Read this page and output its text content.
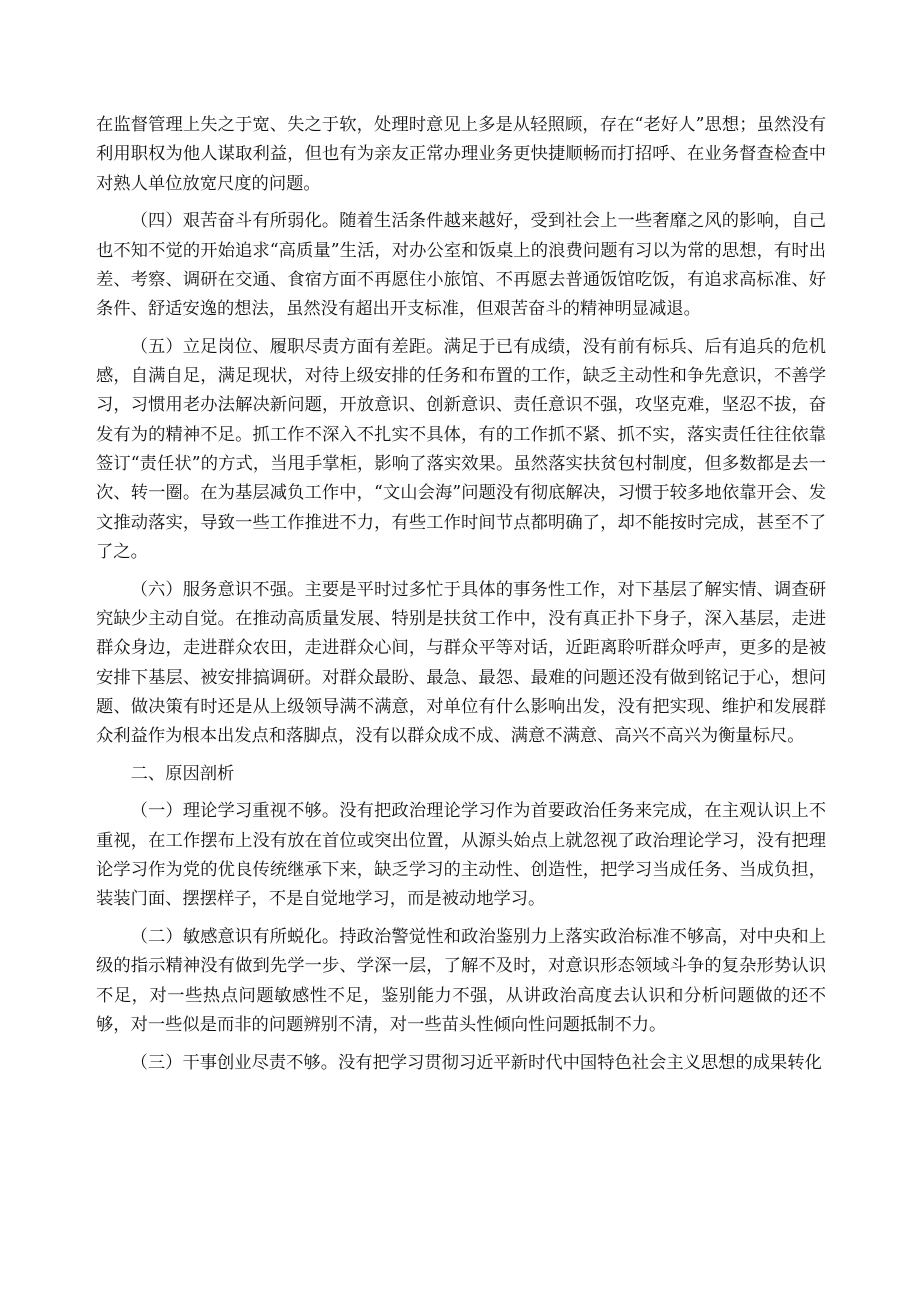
在监督管理上失之于宽、失之于软，处理时意见上多是从轻照顾，存在“老好人”思想；虽然没有利用职权为他人谋取利益，但也有为亲友正常办理业务更快捷顺畅而打招呼、在业务督查检查中对熟人单位放宽尺度的问题。

（四）艰苦奋斗有所弱化。随着生活条件越来越好，受到社会上一些奢靡之风的影响，自己也不知不觉的开始追求“高质量”生活，对办公室和饭桌上的浪费问题有习以为常的思想，有时出差、考察、调研在交通、食宿方面不再愿住小旅馆、不再愿去普通饭馆吃饭，有追求高标准、好条件、舒适安逸的想法，虽然没有超出开支标准，但艰苦奋斗的精神明显减退。

（五）立足岗位、履职尽责方面有差距。满足于已有成绩，没有前有标兵、后有追兵的危机感，自满自足，满足现状，对待上级安排的任务和布置的工作，缺乏主动性和争先意识，不善学习，习惯用老办法解决新问题，开放意识、创新意识、责任意识不强，攻坚克难，坚忍不拔，奋发有为的精神不足。抓工作不深入不扎实不具体，有的工作抓不紧、抓不实，落实责任往往依靠签订“责任状”的方式，当甩手掌柜，影响了落实效果。虽然落实扶贫包村制度，但多数都是去一次、转一圈。在为基层减负工作中，“文山会海”问题没有彻底解决，习惯于较多地依靠开会、发文推动落实，导致一些工作推进不力，有些工作时间节点都明确了，却不能按时完成，甚至不了了之。

（六）服务意识不强。主要是平时过多忙于具体的事务性工作，对下基层了解实情、调查研究缺少主动自觉。在推动高质量发展、特别是扶贫工作中，没有真正扑下身子，深入基层，走进群众身边，走进群众农田，走进群众心间，与群众平等对话，近距离聆听群众呼声，更多的是被安排下基层、被安排搞调研。对群众最盼、最急、最怨、最难的问题还没有做到铭记于心，想问题、做决策有时还是从上级领导满不满意，对单位有什么影响出发，没有把实现、维护和发展群众利益作为根本出发点和落脚点，没有以群众成不成、满意不满意、高兴不高兴为衡量标尺。

二、原因剖析

（一）理论学习重视不够。没有把政治理论学习作为首要政治任务来完成，在主观认识上不重视，在工作摆布上没有放在首位或突出位置，从源头始点上就忽视了政治理论学习，没有把理论学习作为党的优良传统继承下来，缺乏学习的主动性、创造性，把学习当成任务、当成负担，装装门面、摆摆样子，不是自觉地学习，而是被动地学习。

（二）敏感意识有所蜕化。持政治警觉性和政治鉴别力上落实政治标准不够高，对中央和上级的指示精神没有做到先学一步、学深一层，了解不及时，对意识形态领域斗争的复杂形势认识不足，对一些热点问题敏感性不足，鉴别能力不强，从讲政治高度去认识和分析问题做的还不够，对一些似是而非的问题辨别不清，对一些苗头性倾向性问题抵制不力。

（三）干事创业尽责不够。没有把学习贯彻习近平新时代中国特色社会主义思想的成果转化
